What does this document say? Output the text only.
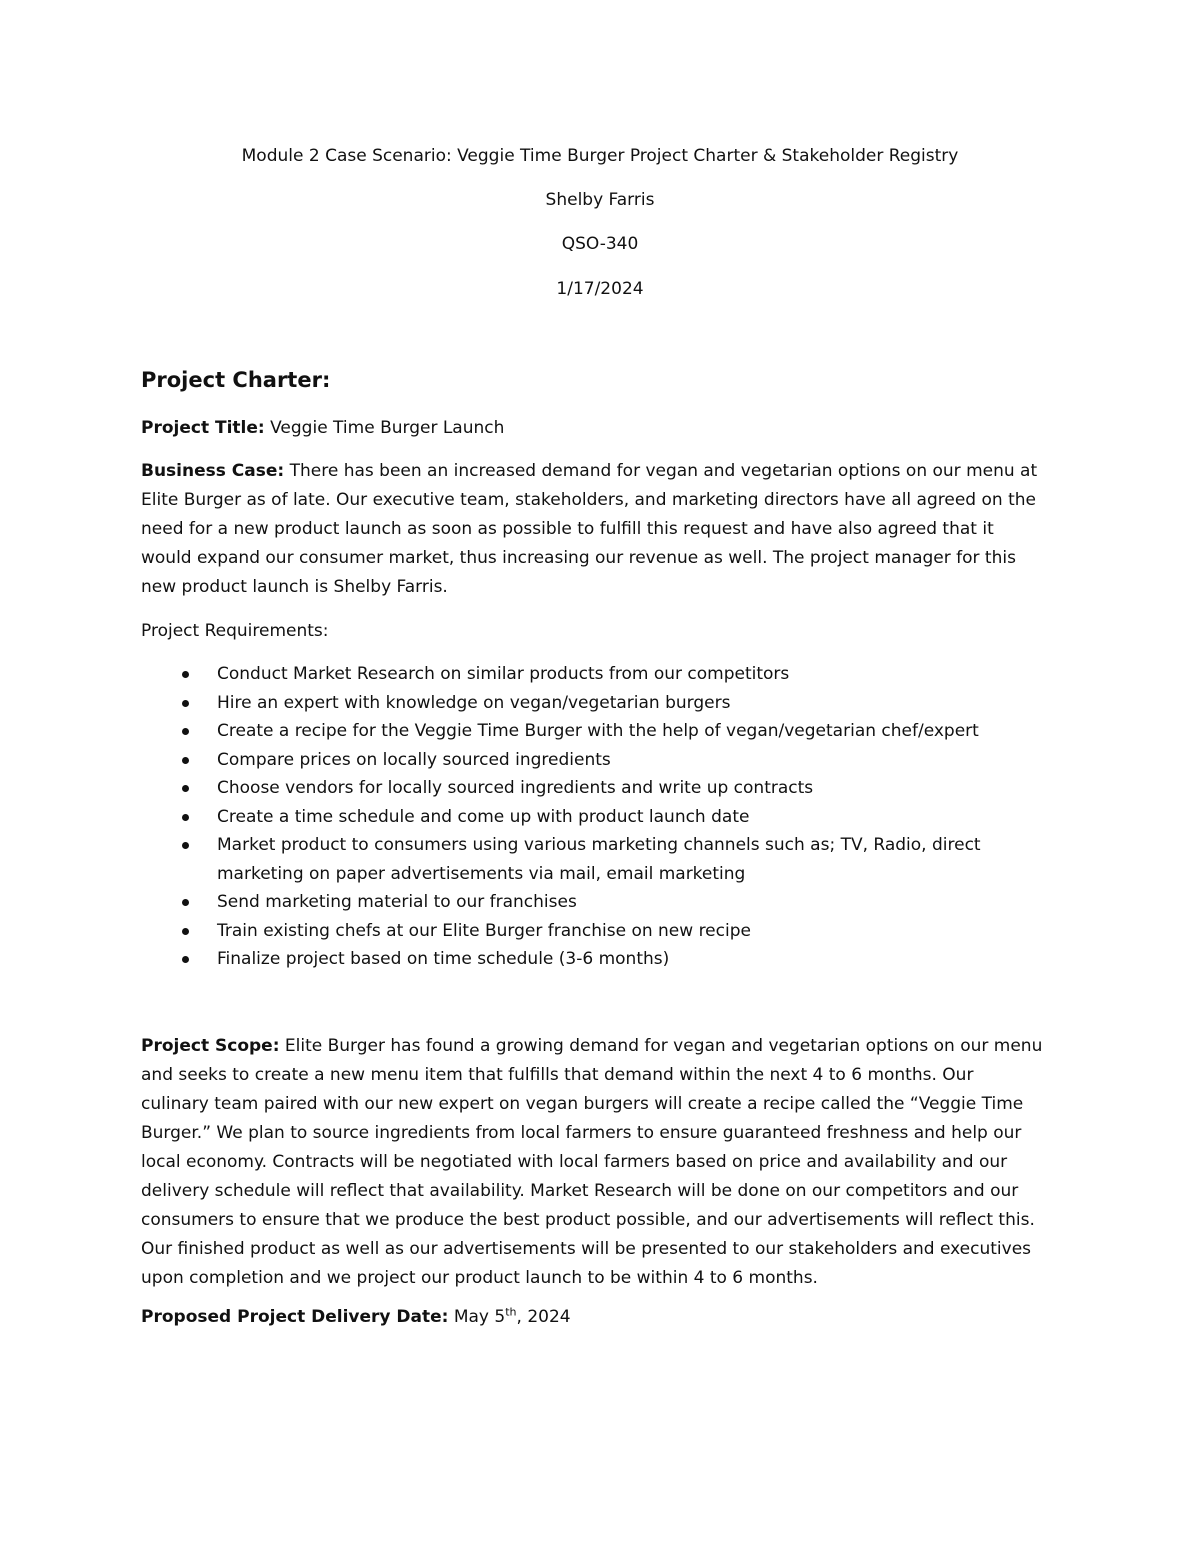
Module 2 Case Scenario: Veggie Time Burger Project Charter & Stakeholder Registry
Shelby Farris
QSO-340
1/17/2024
Project Charter:
Project Title: Veggie Time Burger Launch
Business Case: There has been an increased demand for vegan and vegetarian options on our menu at
Elite Burger as of late. Our executive team, stakeholders, and marketing directors have all agreed on the
need for a new product launch as soon as possible to fulfill this request and have also agreed that it
would expand our consumer market, thus increasing our revenue as well. The project manager for this
new product launch is Shelby Farris.
Project Requirements:
Conduct Market Research on similar products from our competitors
Hire an expert with knowledge on vegan/vegetarian burgers
Create a recipe for the Veggie Time Burger with the help of vegan/vegetarian chef/expert
Compare prices on locally sourced ingredients
Choose vendors for locally sourced ingredients and write up contracts
Create a time schedule and come up with product launch date
Market product to consumers using various marketing channels such as; TV, Radio, direct
marketing on paper advertisements via mail, email marketing
Send marketing material to our franchises
Train existing chefs at our Elite Burger franchise on new recipe
Finalize project based on time schedule (3-6 months)
Project Scope: Elite Burger has found a growing demand for vegan and vegetarian options on our menu
and seeks to create a new menu item that fulfills that demand within the next 4 to 6 months. Our
culinary team paired with our new expert on vegan burgers will create a recipe called the “Veggie Time
Burger.” We plan to source ingredients from local farmers to ensure guaranteed freshness and help our
local economy. Contracts will be negotiated with local farmers based on price and availability and our
delivery schedule will reflect that availability. Market Research will be done on our competitors and our
consumers to ensure that we produce the best product possible, and our advertisements will reflect this.
Our finished product as well as our advertisements will be presented to our stakeholders and executives
upon completion and we project our product launch to be within 4 to 6 months.
Proposed Project Delivery Date: May 5th, 2024
